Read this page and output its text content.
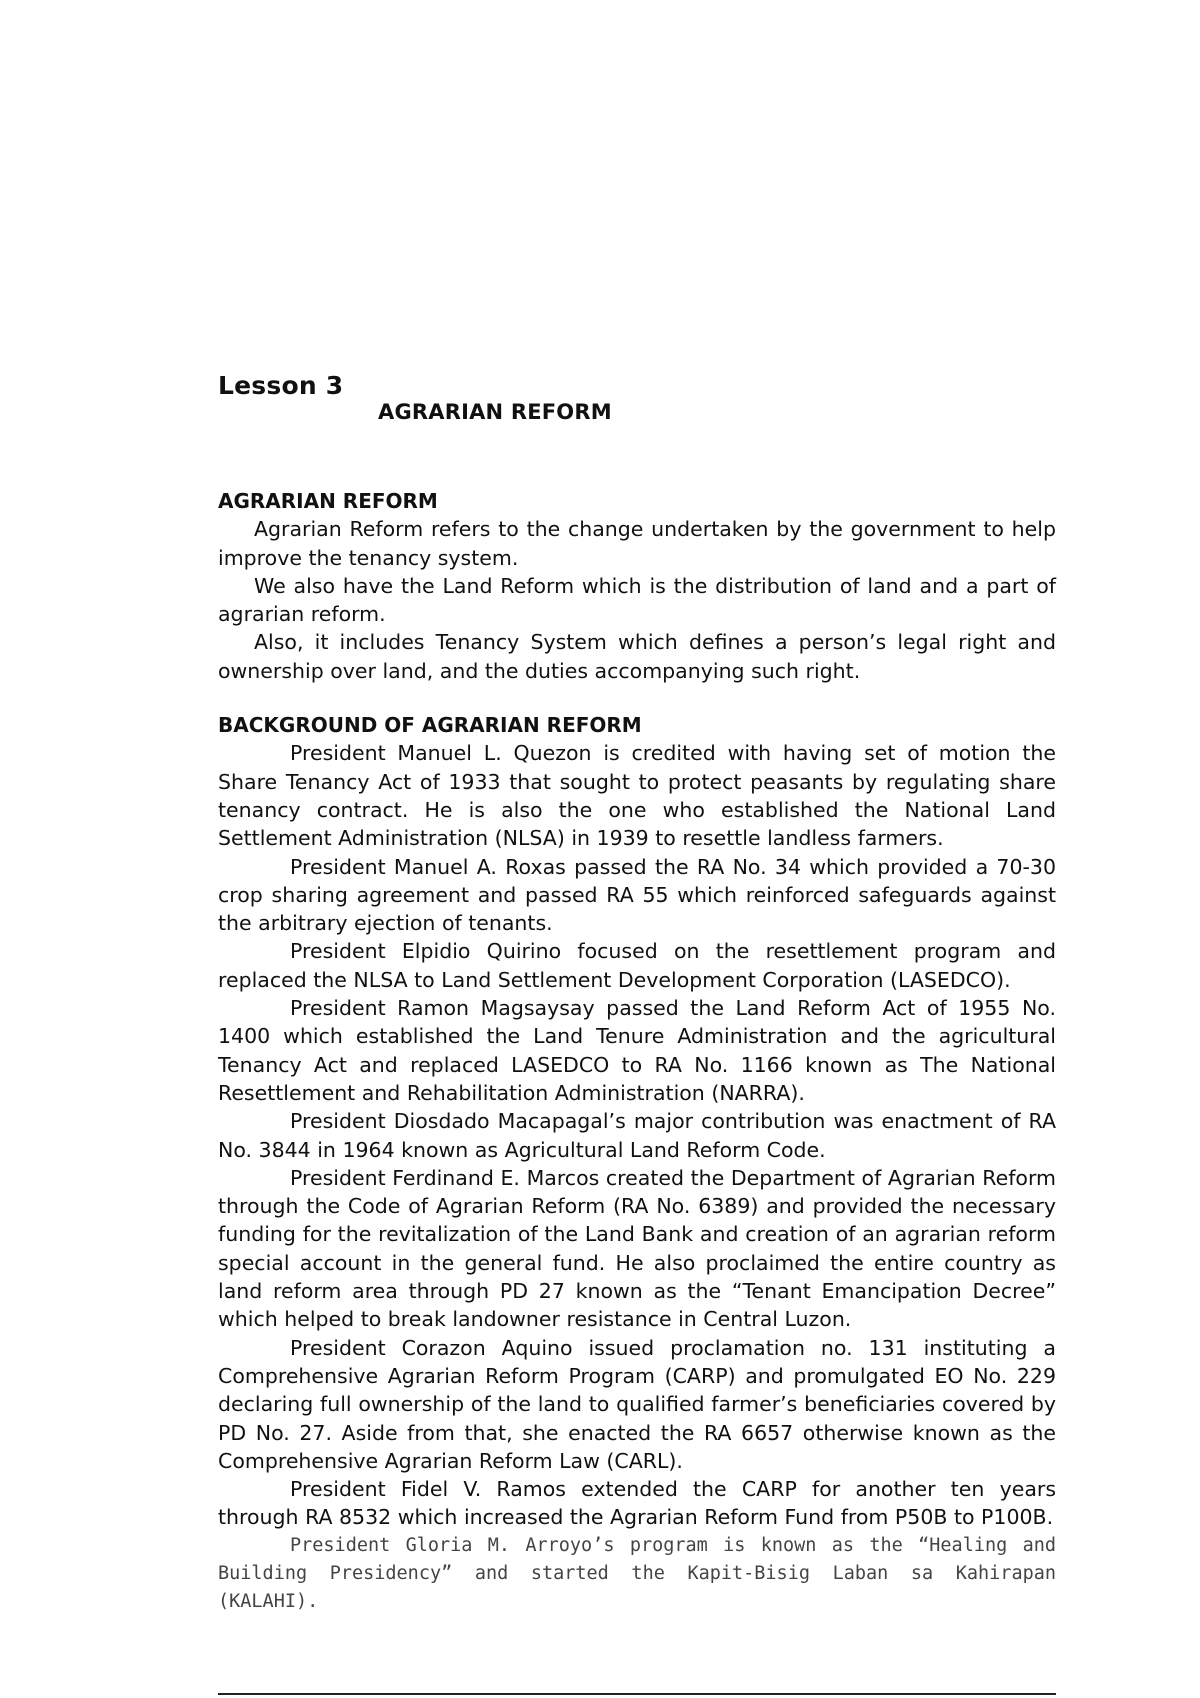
Lesson 3
AGRARIAN REFORM

AGRARIAN REFORM

Agrarian Reform refers to the change undertaken by the government to help improve the tenancy system.

We also have the Land Reform which is the distribution of land and a part of agrarian reform.

Also, it includes Tenancy System which defines a person’s legal right and ownership over land, and the duties accompanying such right.

BACKGROUND OF AGRARIAN REFORM

President Manuel L. Quezon is credited with having set of motion the Share Tenancy Act of 1933 that sought to protect peasants by regulating share tenancy contract. He is also the one who established the National Land Settlement Administration (NLSA) in 1939 to resettle landless farmers.

President Manuel A. Roxas passed the RA No. 34 which provided a 70-30 crop sharing agreement and passed RA 55 which reinforced safeguards against the arbitrary ejection of tenants.

President Elpidio Quirino focused on the resettlement program and replaced the NLSA to Land Settlement Development Corporation (LASEDCO).

President Ramon Magsaysay passed the Land Reform Act of 1955 No. 1400 which established the Land Tenure Administration and the agricultural Tenancy Act and replaced LASEDCO to RA No. 1166 known as The National Resettlement and Rehabilitation Administration (NARRA).

President Diosdado Macapagal’s major contribution was enactment of RA No. 3844 in 1964 known as Agricultural Land Reform Code.

President Ferdinand E. Marcos created the Department of Agrarian Reform through the Code of Agrarian Reform (RA No. 6389) and provided the necessary funding for the revitalization of the Land Bank and creation of an agrarian reform special account in the general fund. He also proclaimed the entire country as land reform area through PD 27 known as the “Tenant Emancipation Decree” which helped to break landowner resistance in Central Luzon.

President Corazon Aquino issued proclamation no. 131 instituting a Comprehensive Agrarian Reform Program (CARP) and promulgated EO No. 229 declaring full ownership of the land to qualified farmer’s beneficiaries covered by PD No. 27. Aside from that, she enacted the RA 6657 otherwise known as the Comprehensive Agrarian Reform Law (CARL).

President Fidel V. Ramos extended the CARP for another ten years through RA 8532 which increased the Agrarian Reform Fund from P50B to P100B.

President Gloria M. Arroyo’s program is known as the “Healing and Building Presidency” and started the Kapit-Bisig Laban sa Kahirapan (KALAHI).
